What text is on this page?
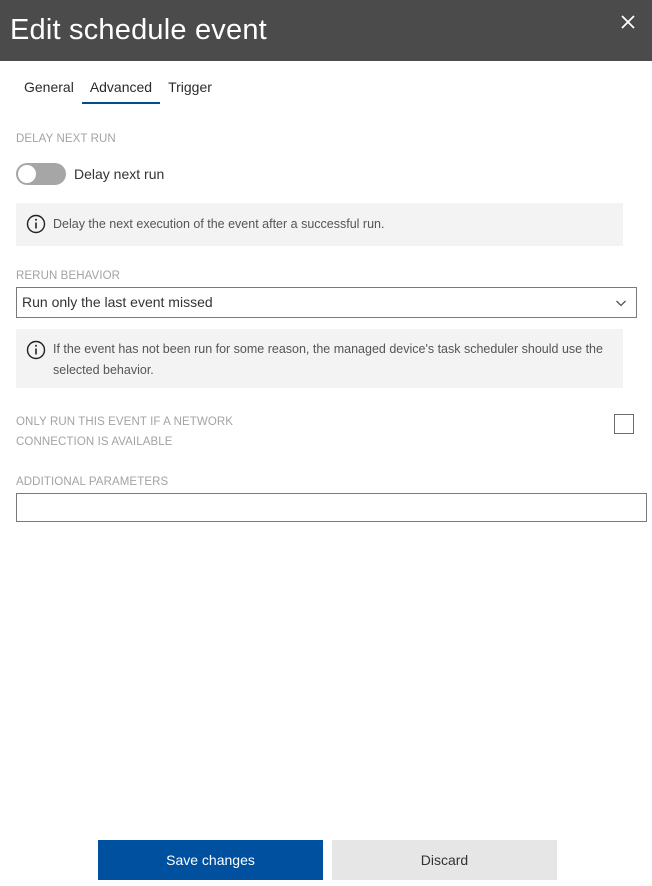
Edit schedule event
General	Advanced	Trigger
DELAY NEXT RUN
Delay next run
Delay the next execution of the event after a successful run.
RERUN BEHAVIOR
Run only the last event missed
If the event has not been run for some reason, the managed device's task scheduler should use the selected behavior.
ONLY RUN THIS EVENT IF A NETWORK
CONNECTION IS AVAILABLE
ADDITIONAL PARAMETERS
Save changes	Discard
